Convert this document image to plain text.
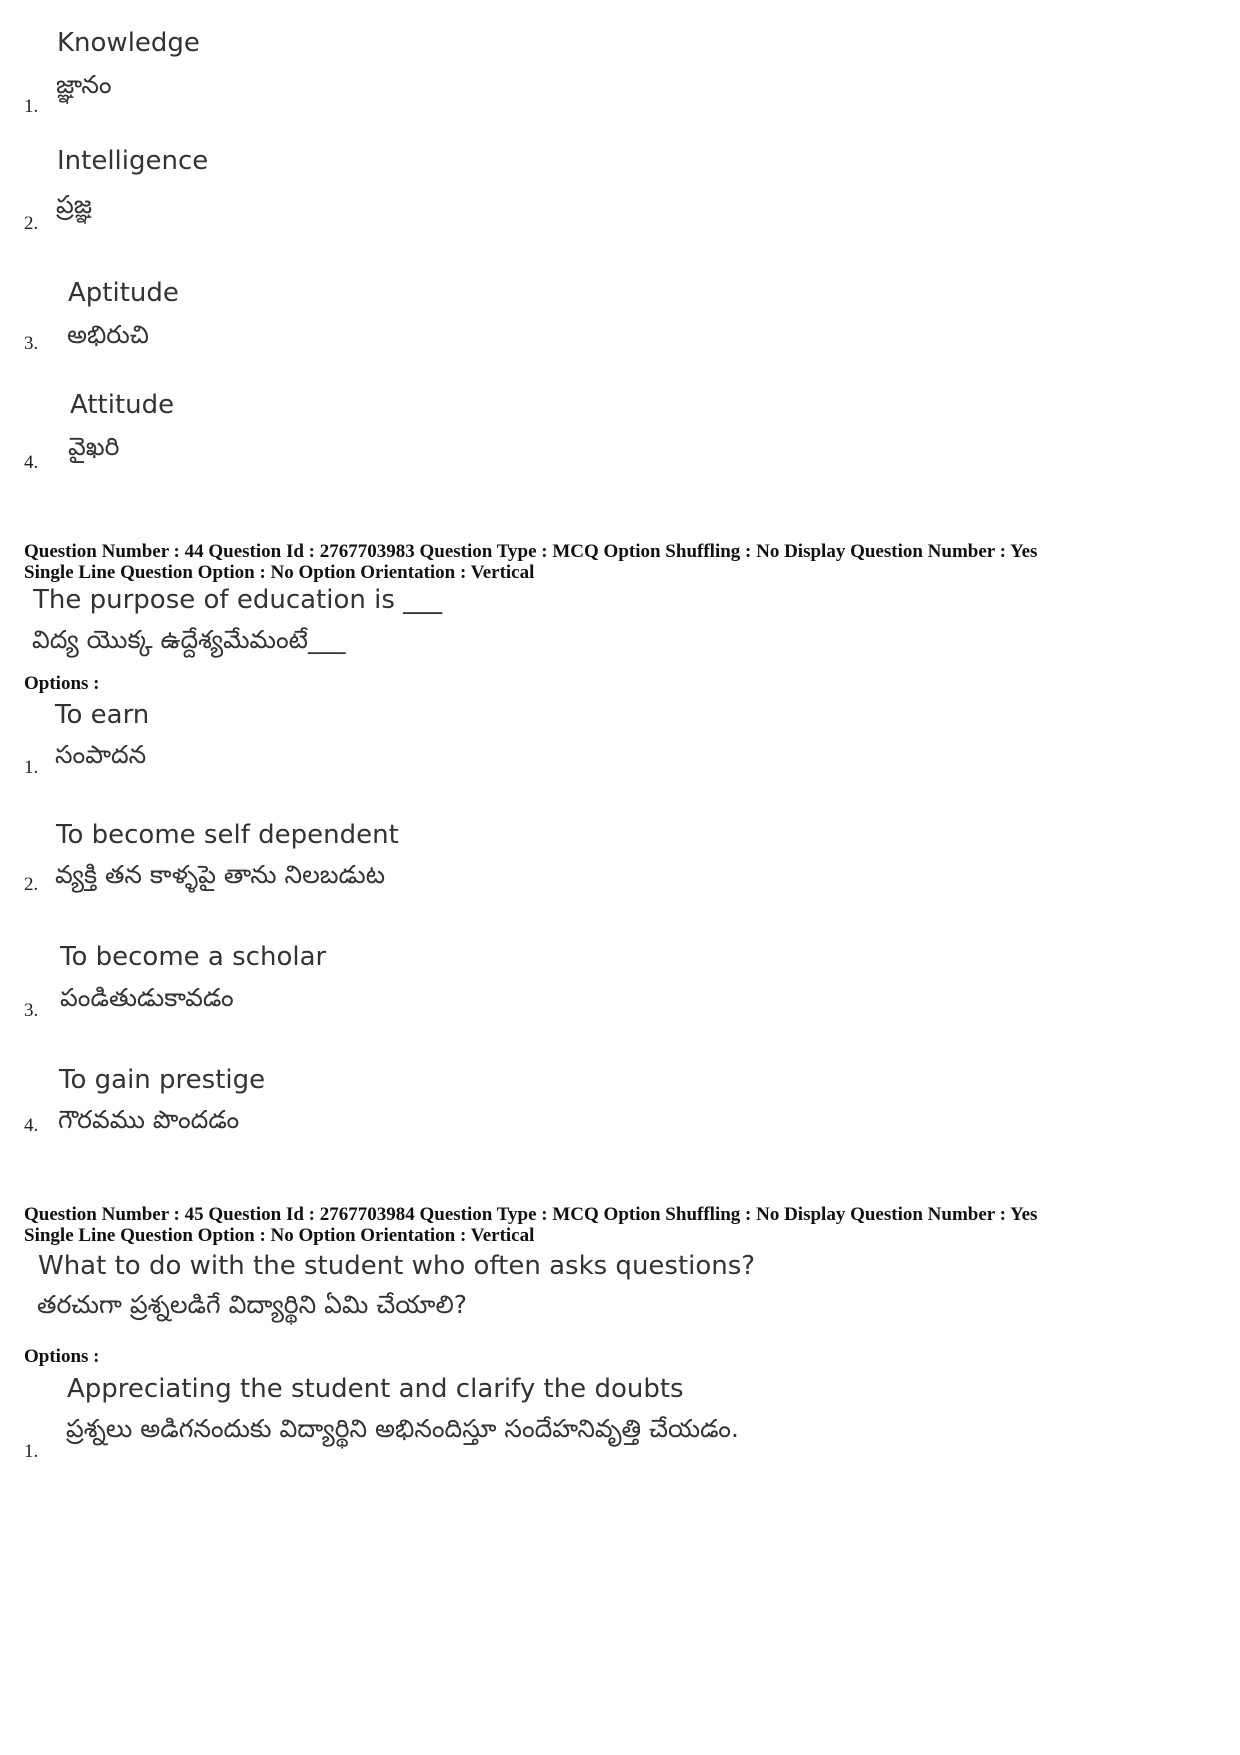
Knowledge
జ్ఞానం
1.
Intelligence
ప్రజ్ఞ
2.
Aptitude
అభిరుచి
3.
Attitude
వైఖరి
4.
Question Number : 44 Question Id : 2767703983 Question Type : MCQ Option Shuffling : No Display Question Number : Yes
Single Line Question Option : No Option Orientation : Vertical
The purpose of education is ___
విద్య యొక్క ఉద్దేశ్యమేమంటే___
Options :
To earn
సంపాదన
1.
To become self dependent
వ్యక్తి తన కాళ్ళపై తాను నిలబడుట
2.
To become a scholar
పండితుడుకావడం
3.
To gain prestige
గౌరవము పొందడం
4.
Question Number : 45 Question Id : 2767703984 Question Type : MCQ Option Shuffling : No Display Question Number : Yes
Single Line Question Option : No Option Orientation : Vertical
What to do with the student who often asks questions?
తరచుగా ప్రశ్నలడిగే విద్యార్థిని ఏమి చేయాలి?
Options :
Appreciating the student and clarify the doubts
ప్రశ్నలు అడిగనందుకు విద్యార్థిని అభినందిస్తూ సందేహనివృత్తి చేయడం.
1.
